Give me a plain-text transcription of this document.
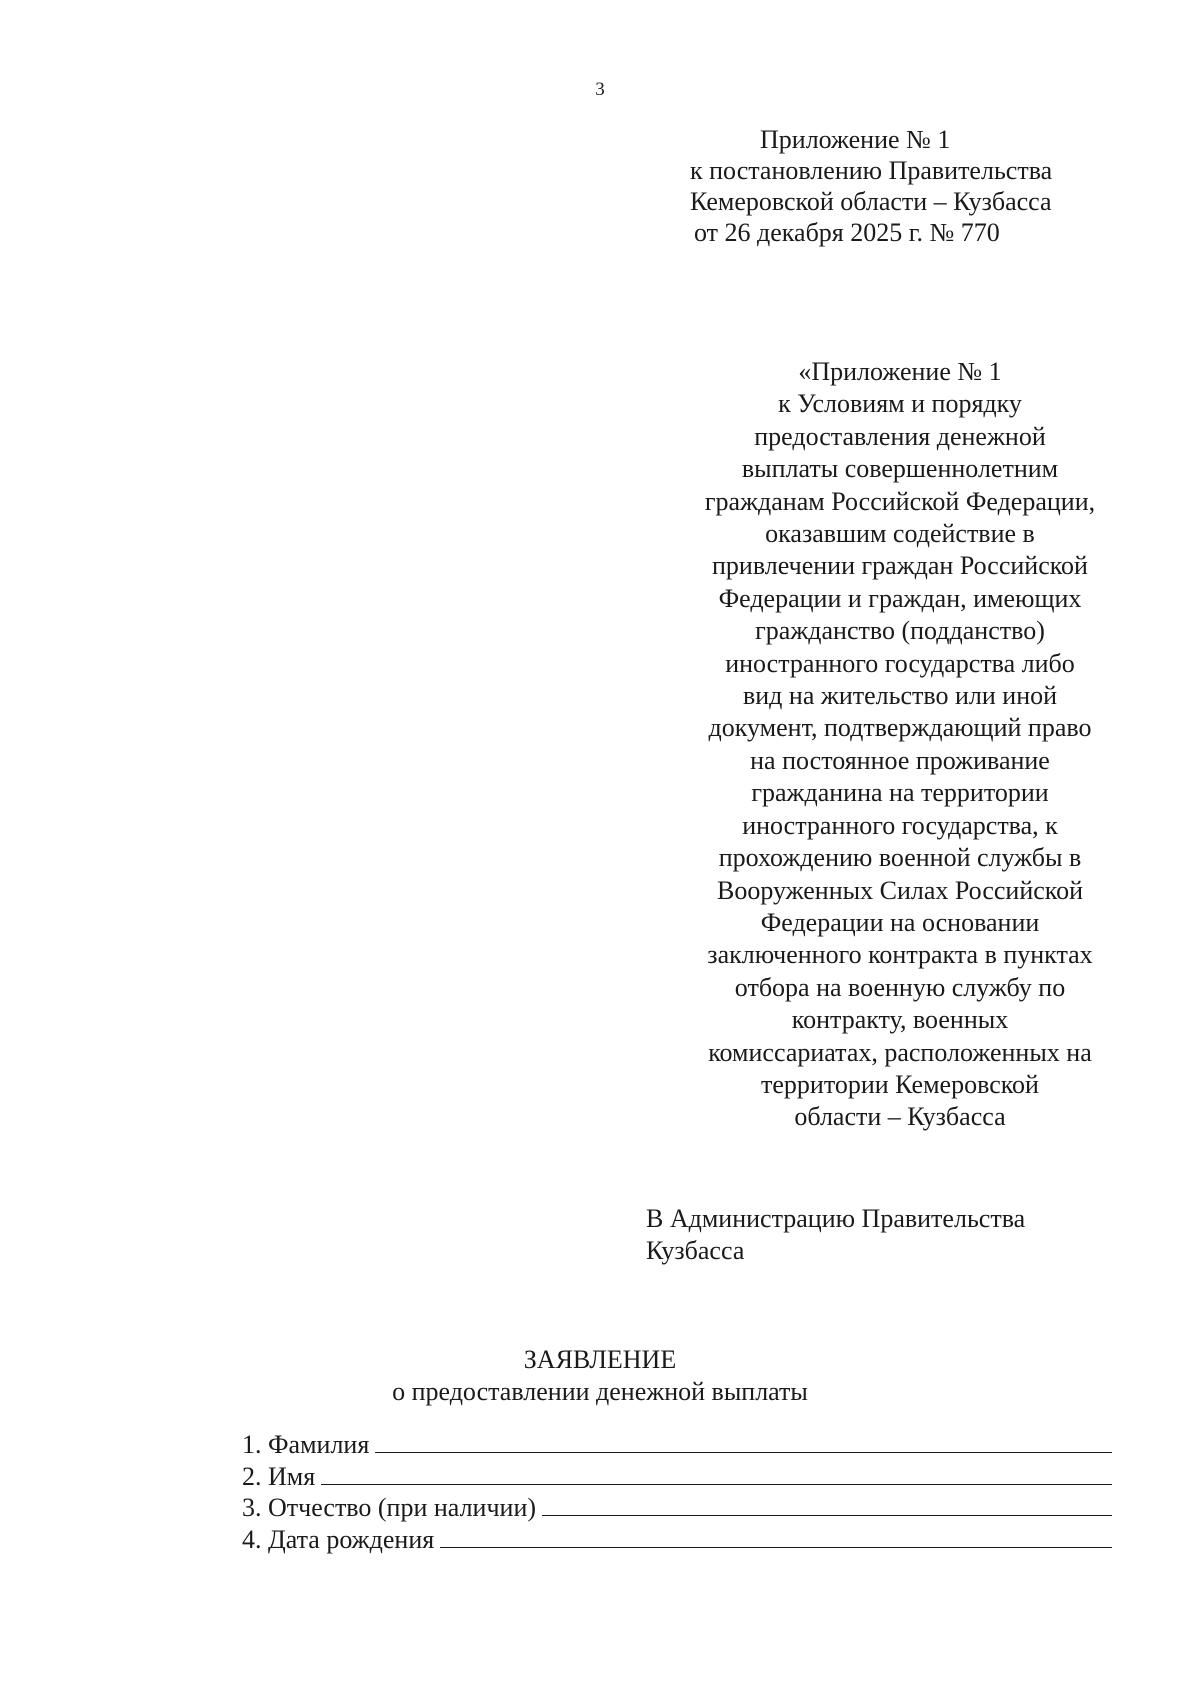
3
Приложение № 1
к постановлению Правительства
Кемеровской области – Кузбасса
от 26 декабря 2025 г. № 770
«Приложение № 1
к Условиям и порядку
предоставления денежной
выплаты совершеннолетним
гражданам Российской Федерации,
оказавшим содействие в
привлечении граждан Российской
Федерации и граждан, имеющих
гражданство (подданство)
иностранного государства либо
вид на жительство или иной
документ, подтверждающий право
на постоянное проживание
гражданина на территории
иностранного государства, к
прохождению военной службы в
Вооруженных Силах Российской
Федерации на основании
заключенного контракта в пунктах
отбора на военную службу по
контракту, военных
комиссариатах, расположенных на
территории Кемеровской
области – Кузбасса
В Администрацию Правительства
Кузбасса
ЗАЯВЛЕНИЕ
о предоставлении денежной выплаты
1. Фамилия
2. Имя
3. Отчество (при наличии)
4. Дата рождения
